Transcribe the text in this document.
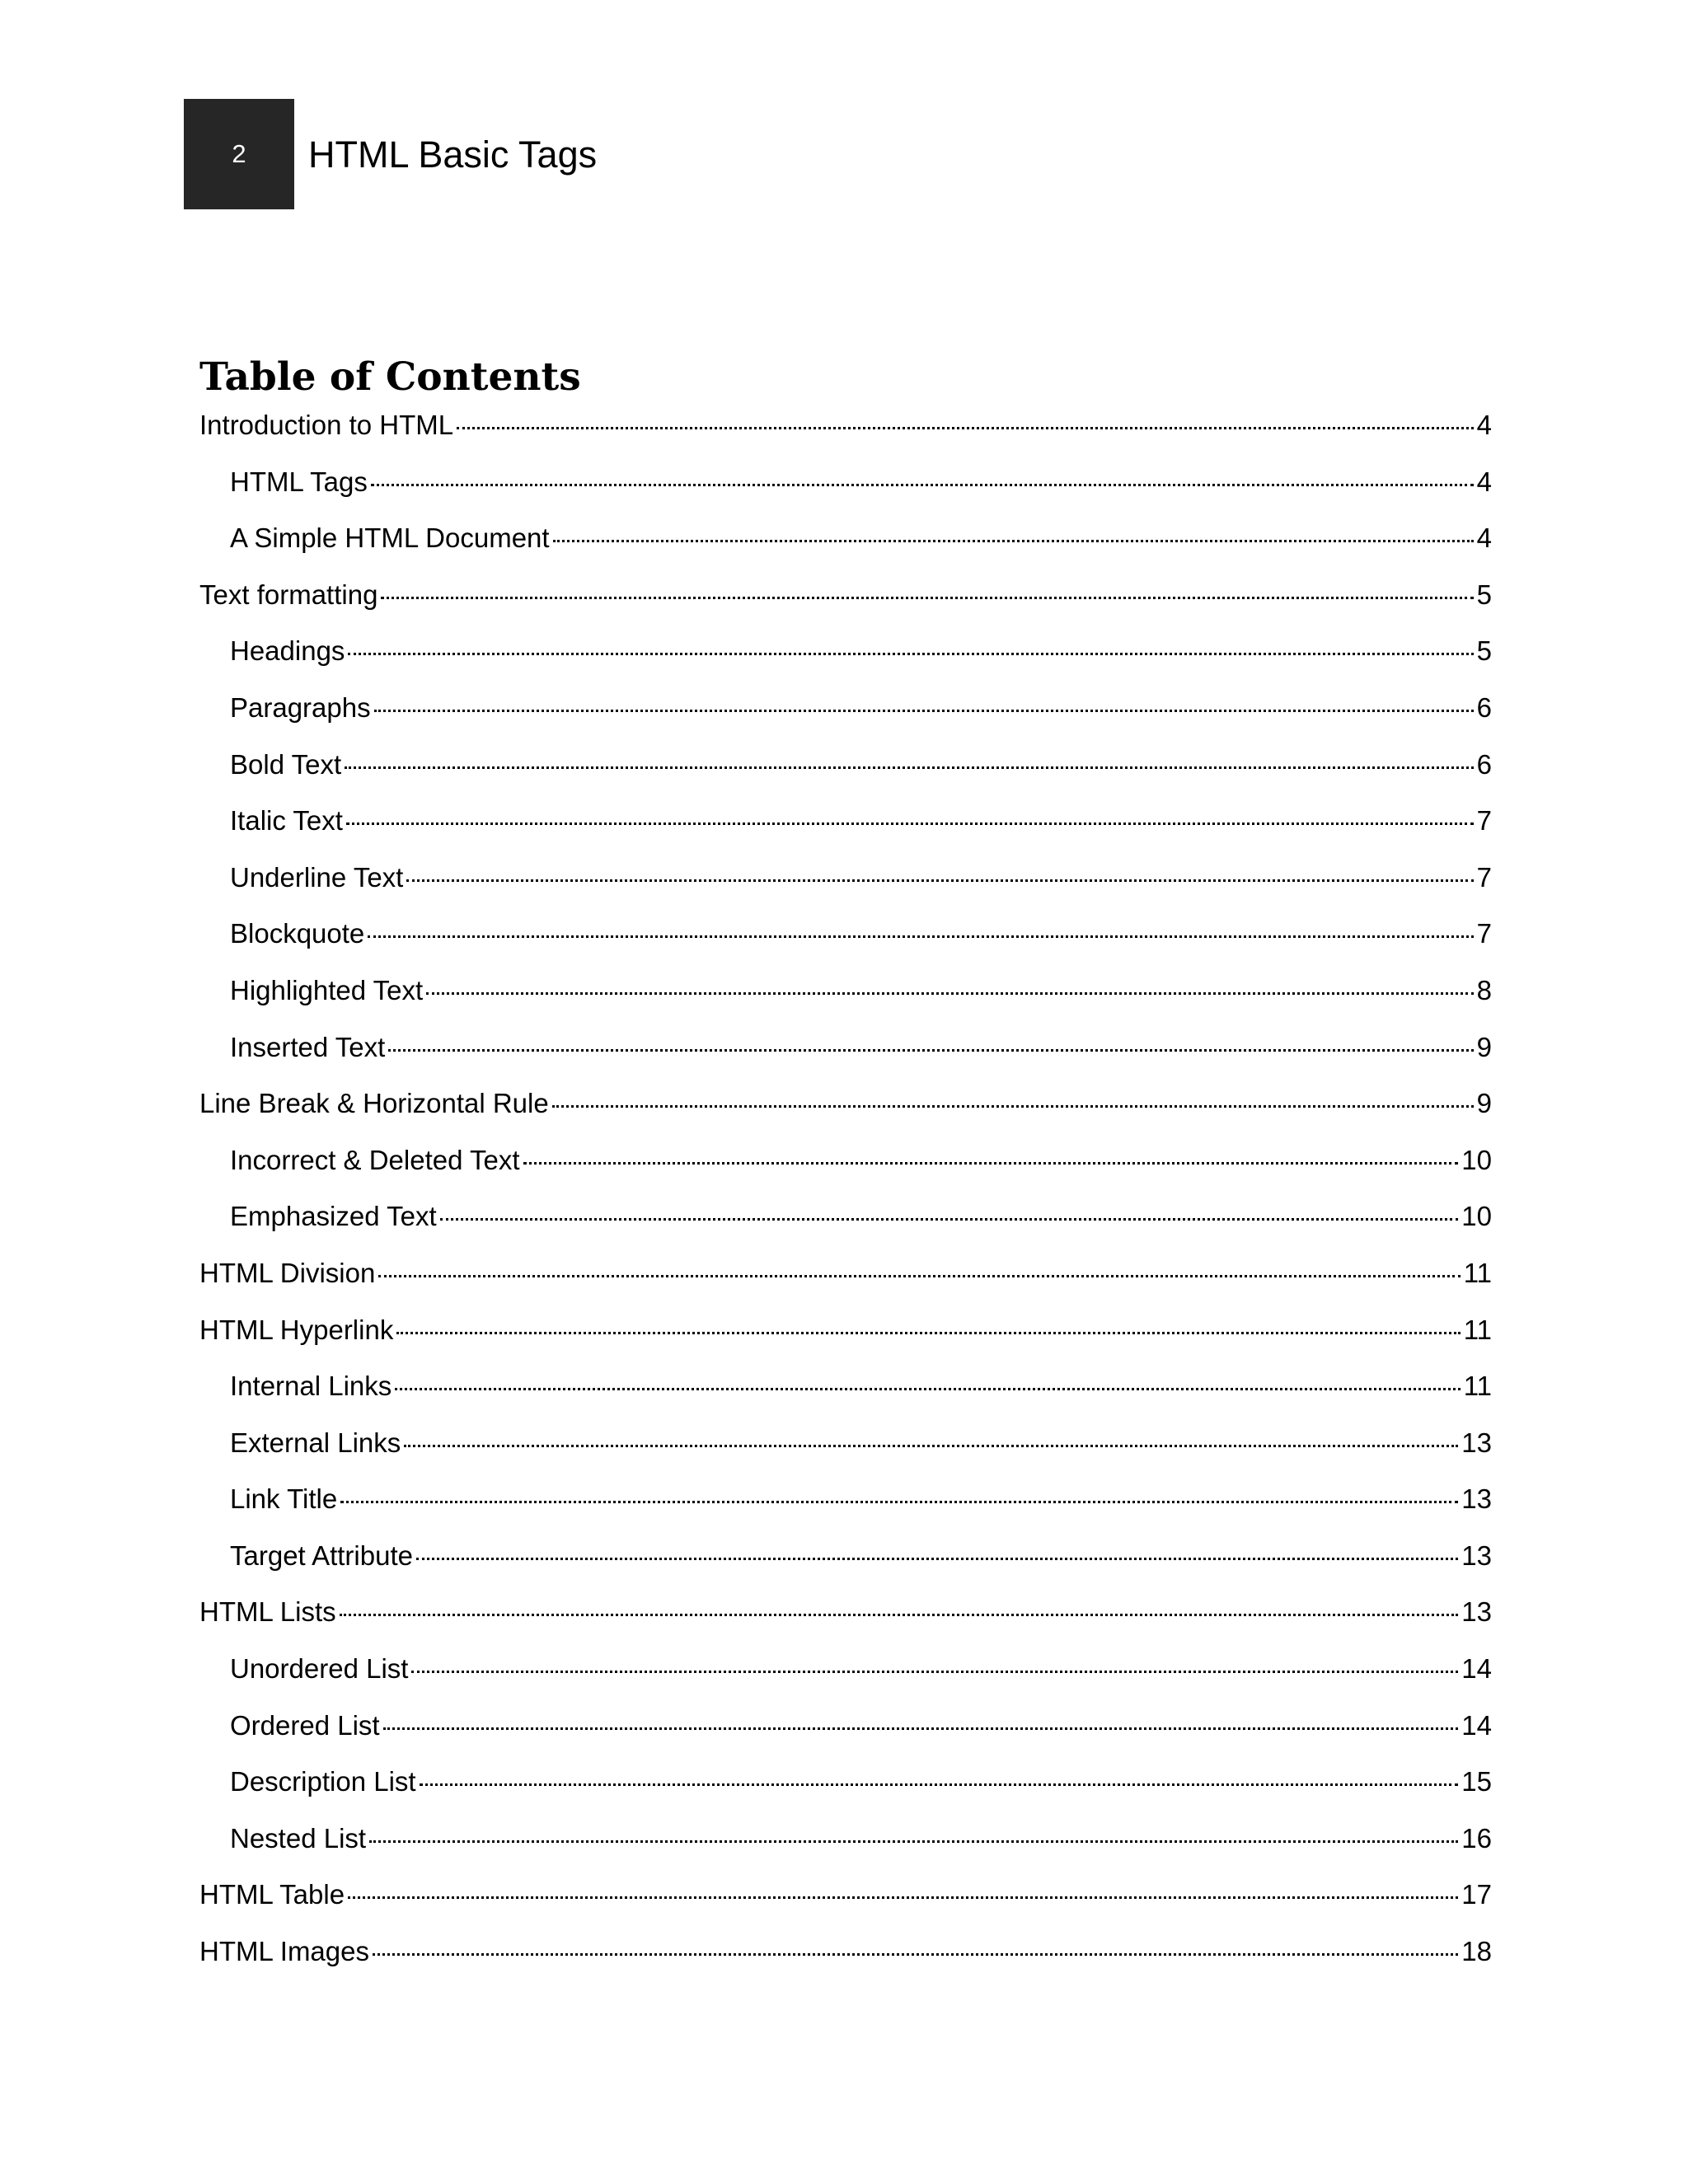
2 HTML Basic Tags
Table of Contents
Introduction to HTML	4
HTML Tags	4
A Simple HTML Document	4
Text formatting	5
Headings	5
Paragraphs	6
Bold Text	6
Italic Text	7
Underline Text	7
Blockquote	7
Highlighted Text	8
Inserted Text	9
Line Break & Horizontal Rule	9
Incorrect & Deleted Text	10
Emphasized Text	10
HTML Division	11
HTML Hyperlink	11
Internal Links	11
External Links	13
Link Title	13
Target Attribute	13
HTML Lists	13
Unordered List	14
Ordered List	14
Description List	15
Nested List	16
HTML Table	17
HTML Images	18
